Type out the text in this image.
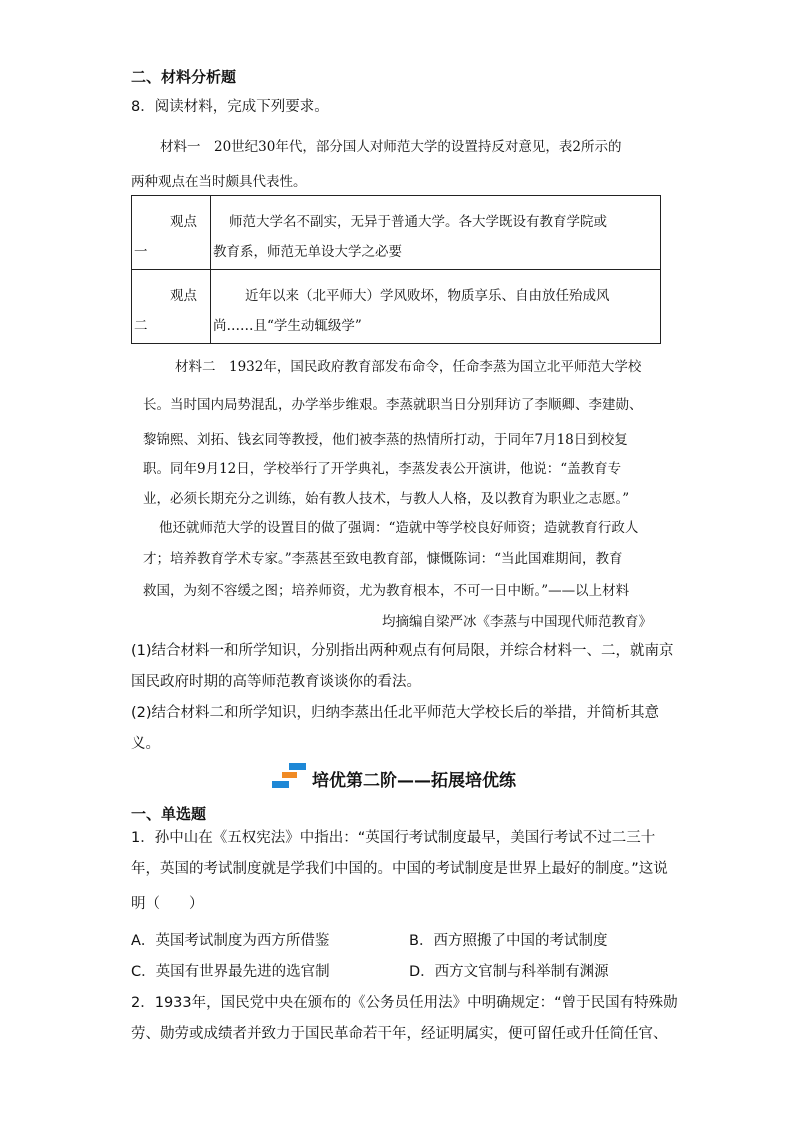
二、材料分析题
8．阅读材料，完成下列要求。
材料一　20世纪30年代，部分国人对师范大学的设置持反对意见，表2所示的
两种观点在当时颇具代表性。
观点
一	师范大学名不副实，无异于普通大学。各大学既设有教育学院或
教育系，师范无单设大学之必要

观点
二	近年以来（北平师大）学风败坏，物质享乐、自由放任殆成风
尚……且“学生动辄级学”
材料二　1932年，国民政府教育部发布命令，任命李蒸为国立北平师范大学校
长。当时国内局势混乱，办学举步维艰。李蒸就职当日分别拜访了李顺卿、李建勋、
黎锦熙、刘拓、钱玄同等教授，他们被李蒸的热情所打动，于同年7月18日到校复
职。同年9月12日，学校举行了开学典礼，李蒸发表公开演讲，他说：“盖教育专
业，必须长期充分之训练，始有教人技术，与教人人格，及以教育为职业之志愿。”
他还就师范大学的设置目的做了强调：“造就中等学校良好师资；造就教育行政人
才；培养教育学术专家。”李蒸甚至致电教育部，慷慨陈词：“当此国难期间，教育
救国，为刻不容缓之图；培养师资，尤为教育根本，不可一日中断。”——以上材料
均摘编自梁严冰《李蒸与中国现代师范教育》
(1)结合材料一和所学知识，分别指出两种观点有何局限，并综合材料一、二，就南京
国民政府时期的高等师范教育谈谈你的看法。
(2)结合材料二和所学知识，归纳李蒸出任北平师范大学校长后的举措，并简析其意
义。
培优第二阶——拓展培优练
一、单选题
1．孙中山在《五权宪法》中指出：“英国行考试制度最早，美国行考试不过二三十
年，英国的考试制度就是学我们中国的。中国的考试制度是世界上最好的制度。”这说
明（　　）
A．英国考试制度为西方所借鉴	B．西方照搬了中国的考试制度
C．英国有世界最先进的选官制	D．西方文官制与科举制有渊源
2．1933年，国民党中央在颁布的《公务员任用法》中明确规定：“曾于民国有特殊勋
劳、勋劳或成绩者并致力于国民革命若干年，经证明属实，便可留任或升任简任官、
